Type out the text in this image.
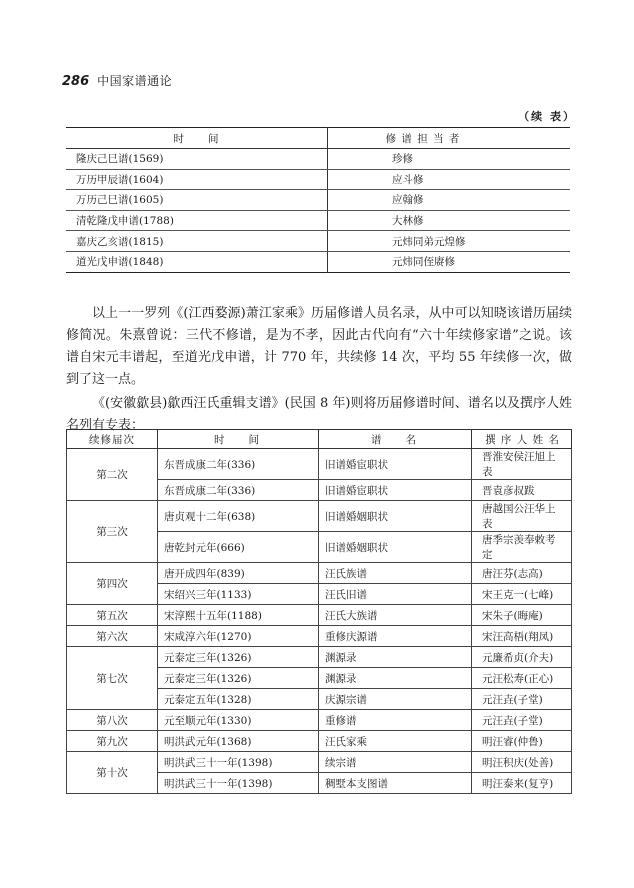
286 中国家谱通论
（续 表）
时　　间	修 谱 担 当 者
隆庆己巳谱(1569)	珍修
万历甲辰谱(1604)	应斗修
万历己巳谱(1605)	应翰修
清乾隆戊申谱(1788)	大林修
嘉庆乙亥谱(1815)	元炜同弟元煌修
道光戊申谱(1848)	元炜同侄赓修

以上一一罗列《(江西婺源)萧江家乘》历届修谱人员名录，从中可以知晓该谱历届续修简况。朱熹曾说：三代不修谱，是为不孝，因此古代向有“六十年续修家谱”之说。该谱自宋元丰谱起，至道光戊申谱，计 770 年，共续修 14 次，平均 55 年续修一次，做到了这一点。

《(安徽歙县)歙西汪氏重辑支谱》(民国 8 年)则将历届修谱时间、谱名以及撰序人姓名列有专表：

续修届次	时　　间	谱　　名	撰 序 人 姓 名
第二次	东晋成康二年(336)	旧谱婚宦职状	晋淮安侯汪旭上表
	东晋成康二年(336)	旧谱婚宦职状	晋袁彦叔跋
第三次	唐贞观十二年(638)	旧谱婚姻职状	唐越国公汪华上表
	唐乾封元年(666)	旧谱婚姻职状	唐季宗羡奉敕考定
第四次	唐开成四年(839)	汪氏族谱	唐汪芬(志高)
	宋绍兴三年(1133)	汪氏旧谱	宋王克一(七峰)
第五次	宋淳熙十五年(1188)	汪氏大族谱	宋朱子(晦庵)
第六次	宋咸淳六年(1270)	重修庆源谱	宋汪高梧(翔凤)
第七次	元泰定三年(1326)	渊源录	元廉希贞(介夫)
	元泰定三年(1326)	渊源录	元汪松寿(正心)
	元泰定五年(1328)	庆源宗谱	元汪垚(子堂)
第八次	元至顺元年(1330)	重修谱	元汪垚(子堂)
第九次	明洪武元年(1368)	汪氏家乘	明汪睿(仲鲁)
第十次	明洪武三十一年(1398)	续宗谱	明汪积庆(处善)
	明洪武三十一年(1398)	稠墅本支图谱	明汪泰来(复亨)
